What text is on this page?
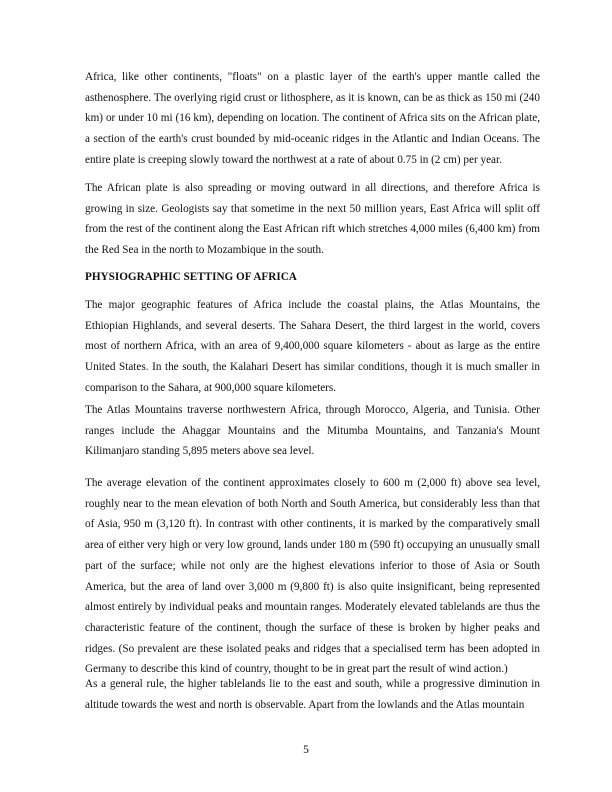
Africa, like other continents, "floats" on a plastic layer of the earth's upper mantle called the asthenosphere. The overlying rigid crust or lithosphere, as it is known, can be as thick as 150 mi (240 km) or under 10 mi (16 km), depending on location. The continent of Africa sits on the African plate, a section of the earth's crust bounded by mid-oceanic ridges in the Atlantic and Indian Oceans. The entire plate is creeping slowly toward the northwest at a rate of about 0.75 in (2 cm) per year.

The African plate is also spreading or moving outward in all directions, and therefore Africa is growing in size. Geologists say that sometime in the next 50 million years, East Africa will split off from the rest of the continent along the East African rift which stretches 4,000 miles (6,400 km) from the Red Sea in the north to Mozambique in the south.

PHYSIOGRAPHIC SETTING OF AFRICA

The major geographic features of Africa include the coastal plains, the Atlas Mountains, the Ethiopian Highlands, and several deserts. The Sahara Desert, the third largest in the world, covers most of northern Africa, with an area of 9,400,000 square kilometers - about as large as the entire United States. In the south, the Kalahari Desert has similar conditions, though it is much smaller in comparison to the Sahara, at 900,000 square kilometers.

The Atlas Mountains traverse northwestern Africa, through Morocco, Algeria, and Tunisia. Other ranges include the Ahaggar Mountains and the Mitumba Mountains, and Tanzania's Mount Kilimanjaro standing 5,895 meters above sea level.

The average elevation of the continent approximates closely to 600 m (2,000 ft) above sea level, roughly near to the mean elevation of both North and South America, but considerably less than that of Asia, 950 m (3,120 ft). In contrast with other continents, it is marked by the comparatively small area of either very high or very low ground, lands under 180 m (590 ft) occupying an unusually small part of the surface; while not only are the highest elevations inferior to those of Asia or South America, but the area of land over 3,000 m (9,800 ft) is also quite insignificant, being represented almost entirely by individual peaks and mountain ranges. Moderately elevated tablelands are thus the characteristic feature of the continent, though the surface of these is broken by higher peaks and ridges. (So prevalent are these isolated peaks and ridges that a specialised term has been adopted in Germany to describe this kind of country, thought to be in great part the result of wind action.)

As a general rule, the higher tablelands lie to the east and south, while a progressive diminution in altitude towards the west and north is observable. Apart from the lowlands and the Atlas mountain

5
